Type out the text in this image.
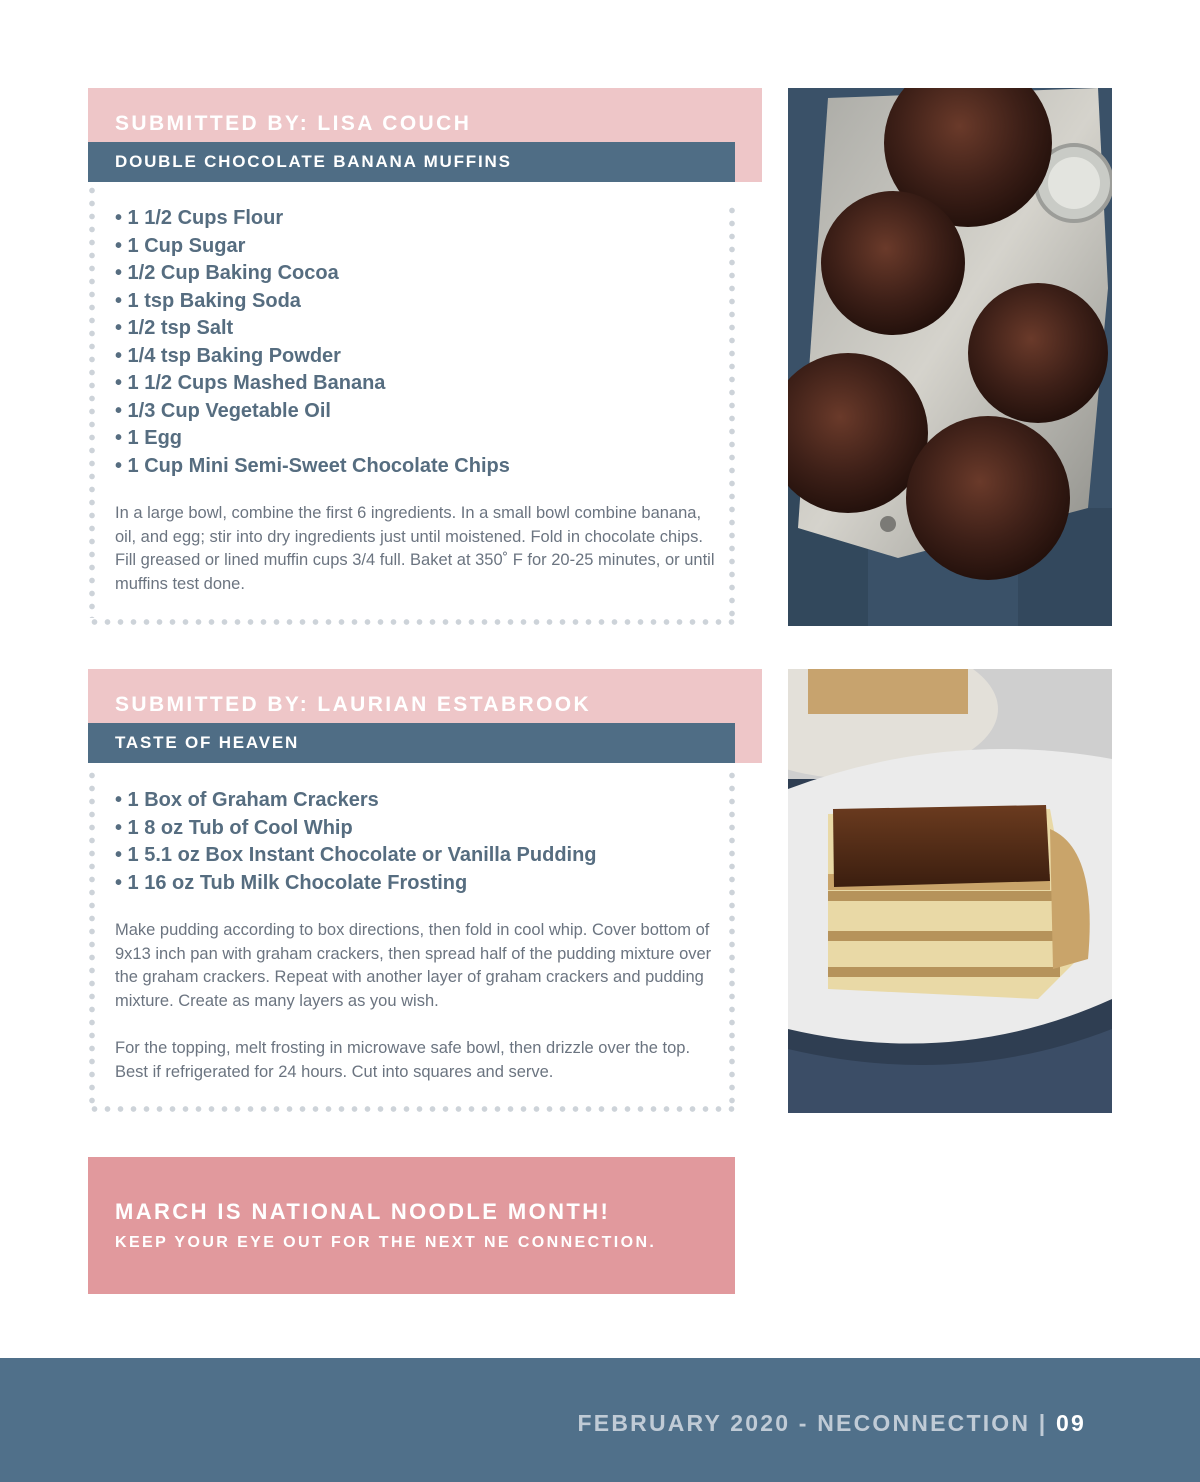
SUBMITTED BY: LISA COUCH
DOUBLE CHOCOLATE BANANA MUFFINS
• 1 1/2 Cups Flour
• 1 Cup Sugar
• 1/2 Cup Baking Cocoa
• 1 tsp Baking Soda
• 1/2 tsp Salt
• 1/4 tsp Baking Powder
• 1 1/2 Cups Mashed Banana
• 1/3 Cup Vegetable Oil
• 1 Egg
• 1 Cup Mini Semi-Sweet Chocolate Chips

In a large bowl, combine the first 6 ingredients. In a small bowl combine banana, oil, and egg; stir into dry ingredients just until moistened. Fold in chocolate chips. Fill greased or lined muffin cups 3/4 full. Baket at 350˚ F for 20-25 minutes, or until muffins test done.

SUBMITTED BY: LAURIAN ESTABROOK
TASTE OF HEAVEN
• 1 Box of Graham Crackers
• 1 8 oz Tub of Cool Whip
• 1 5.1 oz Box Instant Chocolate or Vanilla Pudding
• 1 16 oz Tub Milk Chocolate Frosting

Make pudding according to box directions, then fold in cool whip. Cover bottom of 9x13 inch pan with graham crackers, then spread half of the pudding mixture over the graham crackers. Repeat with another layer of graham crackers and pudding mixture. Create as many layers as you wish.

For the topping, melt frosting in microwave safe bowl, then drizzle over the top. Best if refrigerated for 24 hours. Cut into squares and serve.

MARCH IS NATIONAL NOODLE MONTH!
KEEP YOUR EYE OUT FOR THE NEXT NE CONNECTION.
FEBRUARY 2020 - NECONNECTION | 09
